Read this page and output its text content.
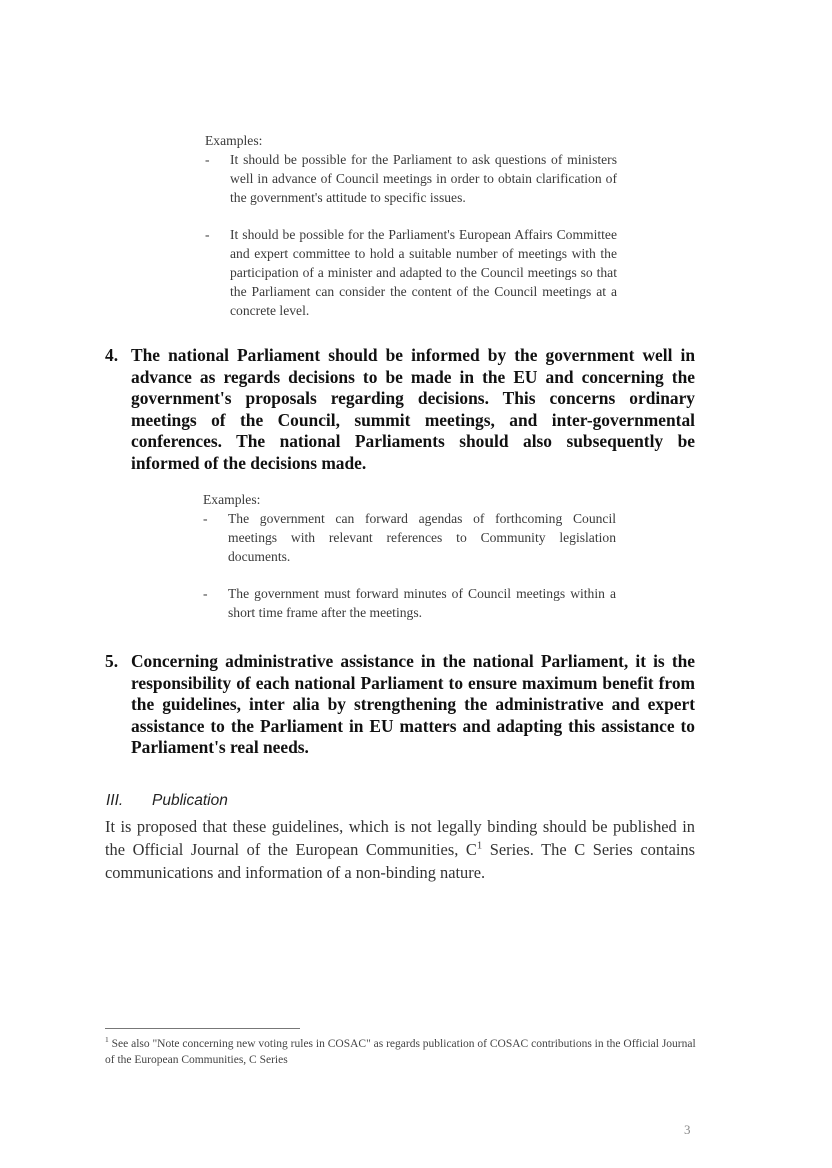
Examples:
- It should be possible for the Parliament to ask questions of ministers well in advance of Council meetings in order to obtain clarification of the government's attitude to specific issues.
- It should be possible for the Parliament's European Affairs Committee and expert committee to hold a suitable number of meetings with the participation of a minister and adapted to the Council meetings so that the Parliament can consider the content of the Council meetings at a concrete level.
4. The national Parliament should be informed by the government well in advance as regards decisions to be made in the EU and concerning the government's proposals regarding decisions. This concerns ordinary meetings of the Council, summit meetings, and inter-governmental conferences. The national Parliaments should also subsequently be informed of the decisions made.
Examples:
- The government can forward agendas of forthcoming Council meetings with relevant references to Community legislation documents.
- The government must forward minutes of Council meetings within a short time frame after the meetings.
5. Concerning administrative assistance in the national Parliament, it is the responsibility of each national Parliament to ensure maximum benefit from the guidelines, inter alia by strengthening the administrative and expert assistance to the Parliament in EU matters and adapting this assistance to Parliament's real needs.
III. Publication
It is proposed that these guidelines, which is not legally binding should be published in the Official Journal of the European Communities, $C^1$ Series. The C Series contains communications and information of a non-binding nature.
$^1$ See also "Note concerning new voting rules in COSAC" as regards publication of COSAC contributions in the Official Journal of the European Communities, C Series
3
